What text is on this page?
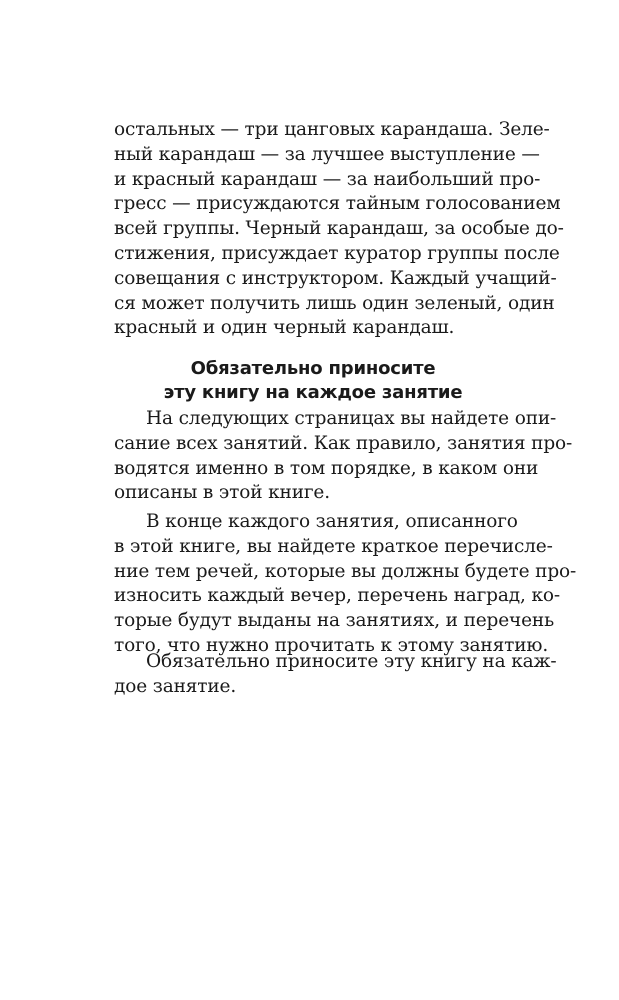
остальных — три цанговых карандаша. Зеле-
ный карандаш — за лучшее выступление —
и красный карандаш — за наибольший про-
гресс — присуждаются тайным голосованием
всей группы. Черный карандаш, за особые до-
стижения, присуждает куратор группы после
совещания с инструктором. Каждый учащий-
ся может получить лишь один зеленый, один
красный и один черный карандаш.
Обязательно приносите
эту книгу на каждое занятие
На следующих страницах вы найдете опи-
сание всех занятий. Как правило, занятия про-
водятся именно в том порядке, в каком они
описаны в этой книге.
В конце каждого занятия, описанного
в этой книге, вы найдете краткое перечисле-
ние тем речей, которые вы должны будете про-
износить каждый вечер, перечень наград, ко-
торые будут выданы на занятиях, и перечень
того, что нужно прочитать к этому занятию.
Обязательно приносите эту книгу на каж-
дое занятие.
